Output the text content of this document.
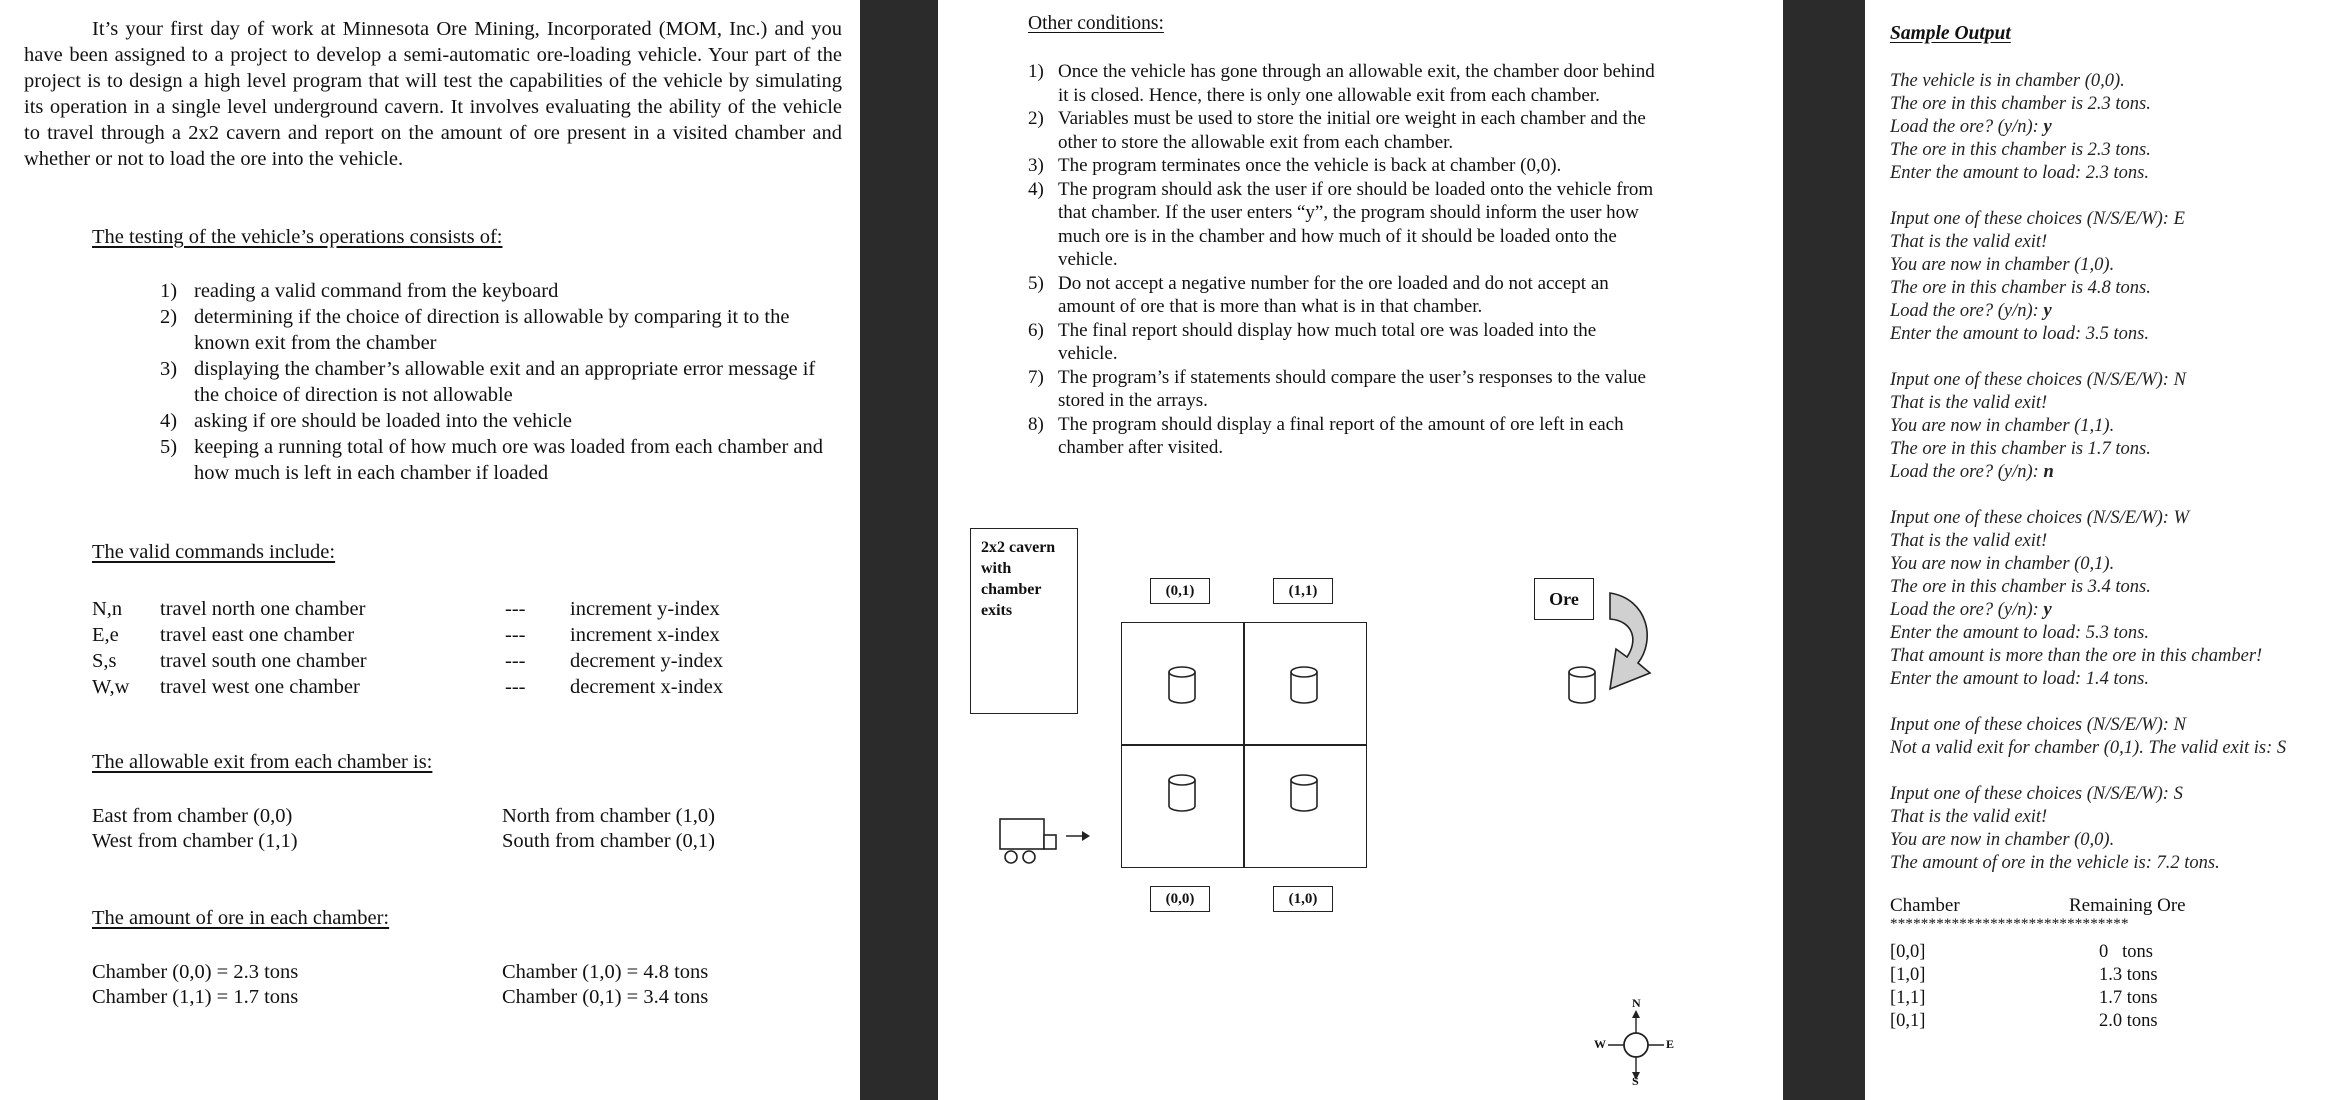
It’s your first day of work at Minnesota Ore Mining, Incorporated (MOM, Inc.) and you have been assigned to a project to develop a semi-automatic ore-loading vehicle. Your part of the project is to design a high level program that will test the capabilities of the vehicle by simulating its operation in a single level underground cavern. It involves evaluating the ability of the vehicle to travel through a 2x2 cavern and report on the amount of ore present in a visited chamber and whether or not to load the ore into the vehicle.
The testing of the vehicle’s operations consists of:
1) reading a valid command from the keyboard
2) determining if the choice of direction is allowable by comparing it to the known exit from the chamber
3) displaying the chamber’s allowable exit and an appropriate error message if the choice of direction is not allowable
4) asking if ore should be loaded into the vehicle
5) keeping a running total of how much ore was loaded from each chamber and how much is left in each chamber if loaded
The valid commands include:
N,n travel north one chamber	--- increment y-index
E,e travel east one chamber	--- increment x-index
S,s travel south one chamber	--- decrement y-index
W,w travel west one chamber	--- decrement x-index
The allowable exit from each chamber is:
East from chamber (0,0)	North from chamber (1,0)
West from chamber (1,1)	South from chamber (0,1)
The amount of ore in each chamber:
Chamber (0,0) = 2.3 tons	Chamber (1,0) = 4.8 tons
Chamber (1,1) = 1.7 tons	Chamber (0,1) = 3.4 tons
Other conditions:
1) Once the vehicle has gone through an allowable exit, the chamber door behind it is closed. Hence, there is only one allowable exit from each chamber.
2) Variables must be used to store the initial ore weight in each chamber and the other to store the allowable exit from each chamber.
3) The program terminates once the vehicle is back at chamber (0,0).
4) The program should ask the user if ore should be loaded onto the vehicle from that chamber. If the user enters “y”, the program should inform the user how much ore is in the chamber and how much of it should be loaded onto the vehicle.
5) Do not accept a negative number for the ore loaded and do not accept an amount of ore that is more than what is in that chamber.
6) The final report should display how much total ore was loaded into the vehicle.
7) The program’s if statements should compare the user’s responses to the value stored in the arrays.
8) The program should display a final report of the amount of ore left in each chamber after visited.
2x2 cavern with chamber exits
(0,1)	(1,1)
(0,0)	(1,0)
Ore
N
S
E
W
Sample Output
The vehicle is in chamber (0,0).
The ore in this chamber is 2.3 tons.
Load the ore? (y/n): y
The ore in this chamber is 2.3 tons.
Enter the amount to load: 2.3 tons.
Input one of these choices (N/S/E/W): E
That is the valid exit!
You are now in chamber (1,0).
The ore in this chamber is 4.8 tons.
Load the ore? (y/n): y
Enter the amount to load: 3.5 tons.
Input one of these choices (N/S/E/W): N
That is the valid exit!
You are now in chamber (1,1).
The ore in this chamber is 1.7 tons.
Load the ore? (y/n): n
Input one of these choices (N/S/E/W): W
That is the valid exit!
You are now in chamber (0,1).
The ore in this chamber is 3.4 tons.
Load the ore? (y/n): y
Enter the amount to load: 5.3 tons.
That amount is more than the ore in this chamber!
Enter the amount to load: 1.4 tons.
Input one of these choices (N/S/E/W): N
Not a valid exit for chamber (0,1). The valid exit is: S
Input one of these choices (N/S/E/W): S
That is the valid exit!
You are now in chamber (0,0).
The amount of ore in the vehicle is: 7.2 tons.
Chamber	Remaining Ore
*******************************
[0,0]	0   tons
[1,0]	1.3 tons
[1,1]	1.7 tons
[0,1]	2.0 tons
